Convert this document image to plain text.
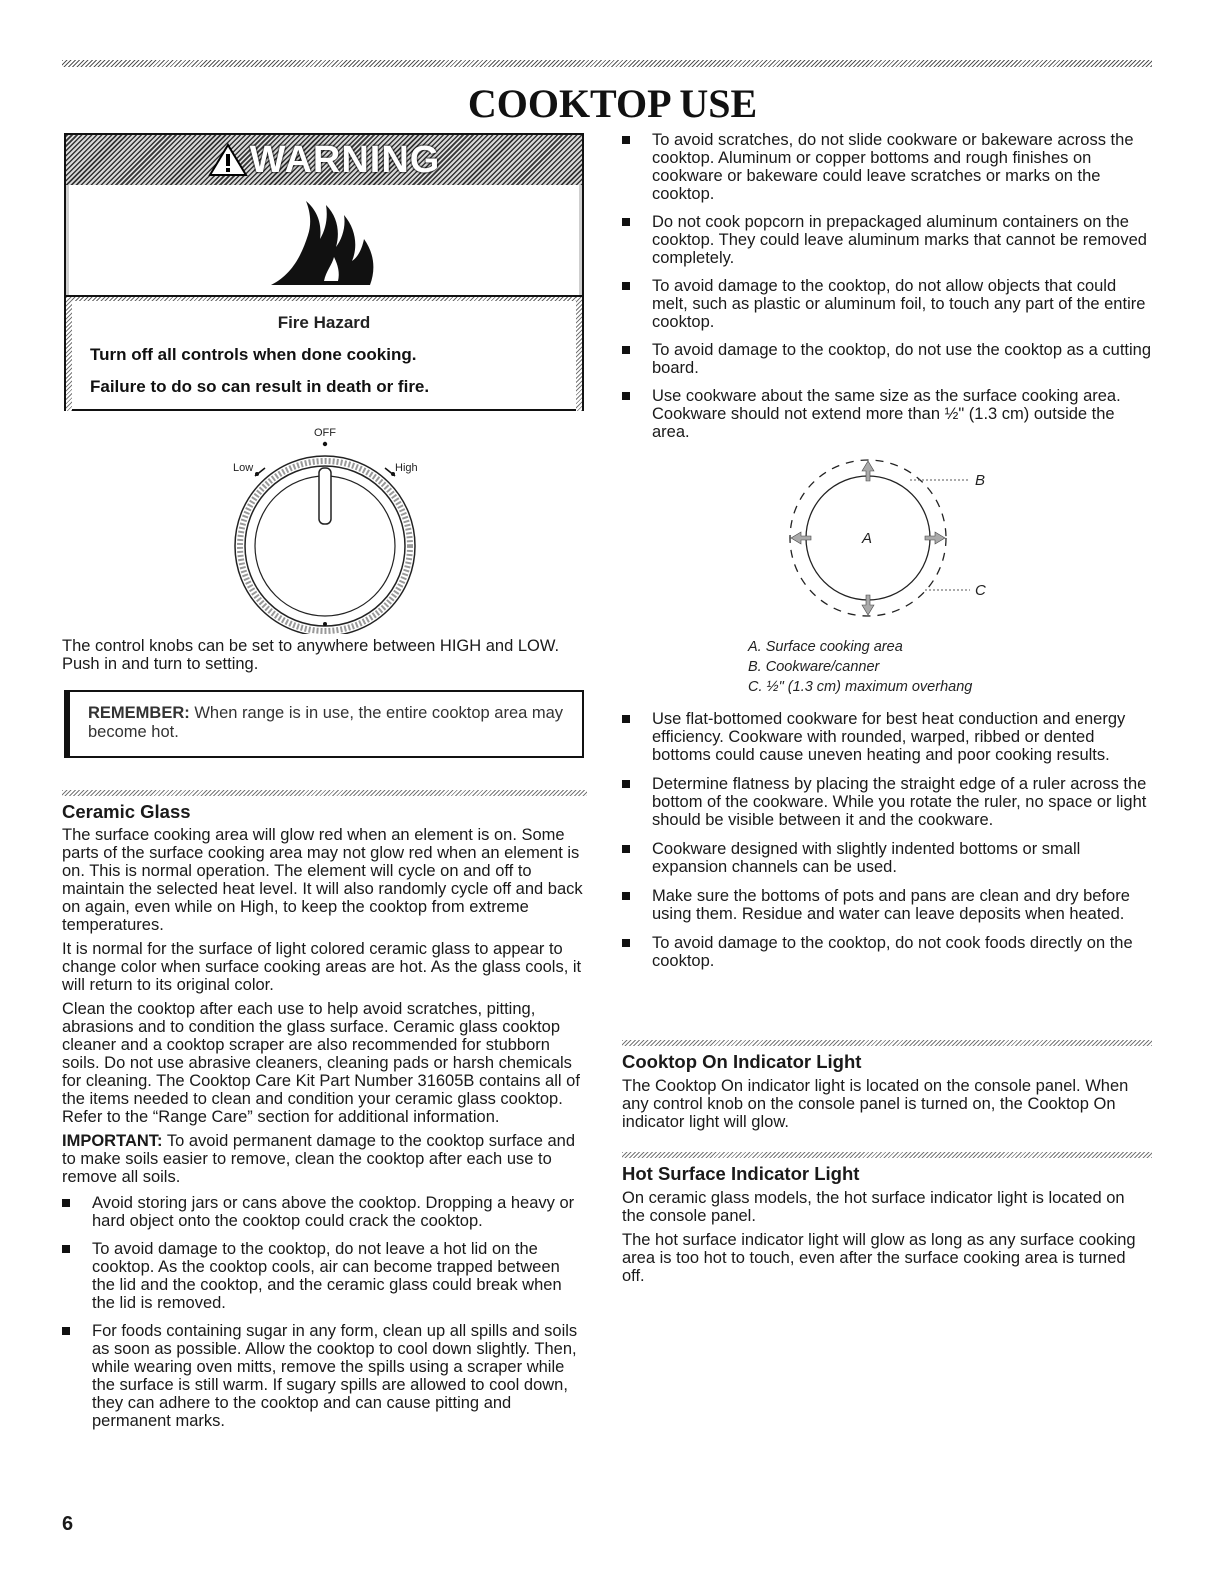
COOKTOP USE
WARNING
Fire Hazard
Turn off all controls when done cooking.
Failure to do so can result in death or fire.
OFF
Low	High

The control knobs can be set to anywhere between HIGH and LOW. Push in and turn to setting.

REMEMBER: When range is in use, the entire cooktop area may become hot.
Ceramic Glass

The surface cooking area will glow red when an element is on. Some parts of the surface cooking area may not glow red when an element is on. This is normal operation. The element will cycle on and off to maintain the selected heat level. It will also randomly cycle off and back on again, even while on High, to keep the cooktop from extreme temperatures.

It is normal for the surface of light colored ceramic glass to appear to change color when surface cooking areas are hot. As the glass cools, it will return to its original color.

Clean the cooktop after each use to help avoid scratches, pitting, abrasions and to condition the glass surface. Ceramic glass cooktop cleaner and a cooktop scraper are also recommended for stubborn soils. Do not use abrasive cleaners, cleaning pads or harsh chemicals for cleaning. The Cooktop Care Kit Part Number 31605B contains all of the items needed to clean and condition your ceramic glass cooktop. Refer to the “Range Care” section for additional information.

IMPORTANT: To avoid permanent damage to the cooktop surface and to make soils easier to remove, clean the cooktop after each use to remove all soils.

Avoid storing jars or cans above the cooktop. Dropping a heavy or hard object onto the cooktop could crack the cooktop.
To avoid damage to the cooktop, do not leave a hot lid on the cooktop. As the cooktop cools, air can become trapped between the lid and the cooktop, and the ceramic glass could break when the lid is removed.
For foods containing sugar in any form, clean up all spills and soils as soon as possible. Allow the cooktop to cool down slightly. Then, while wearing oven mitts, remove the spills using a scraper while the surface is still warm. If sugary spills are allowed to cool down, they can adhere to the cooktop and can cause pitting and permanent marks.
To avoid scratches, do not slide cookware or bakeware across the cooktop. Aluminum or copper bottoms and rough finishes on cookware or bakeware could leave scratches or marks on the cooktop.
Do not cook popcorn in prepackaged aluminum containers on the cooktop. They could leave aluminum marks that cannot be removed completely.
To avoid damage to the cooktop, do not allow objects that could melt, such as plastic or aluminum foil, to touch any part of the entire cooktop.
To avoid damage to the cooktop, do not use the cooktop as a cutting board.
Use cookware about the same size as the surface cooking area. Cookware should not extend more than ½" (1.3 cm) outside the area.
A
B
C
A. Surface cooking area
B. Cookware/canner
C. ½" (1.3 cm) maximum overhang
Use flat-bottomed cookware for best heat conduction and energy efficiency. Cookware with rounded, warped, ribbed or dented bottoms could cause uneven heating and poor cooking results.
Determine flatness by placing the straight edge of a ruler across the bottom of the cookware. While you rotate the ruler, no space or light should be visible between it and the cookware.
Cookware designed with slightly indented bottoms or small expansion channels can be used.
Make sure the bottoms of pots and pans are clean and dry before using them. Residue and water can leave deposits when heated.
To avoid damage to the cooktop, do not cook foods directly on the cooktop.
Cooktop On Indicator Light

The Cooktop On indicator light is located on the console panel. When any control knob on the console panel is turned on, the Cooktop On indicator light will glow.

Hot Surface Indicator Light

On ceramic glass models, the hot surface indicator light is located on the console panel.

The hot surface indicator light will glow as long as any surface cooking area is too hot to touch, even after the surface cooking area is turned off.

6
